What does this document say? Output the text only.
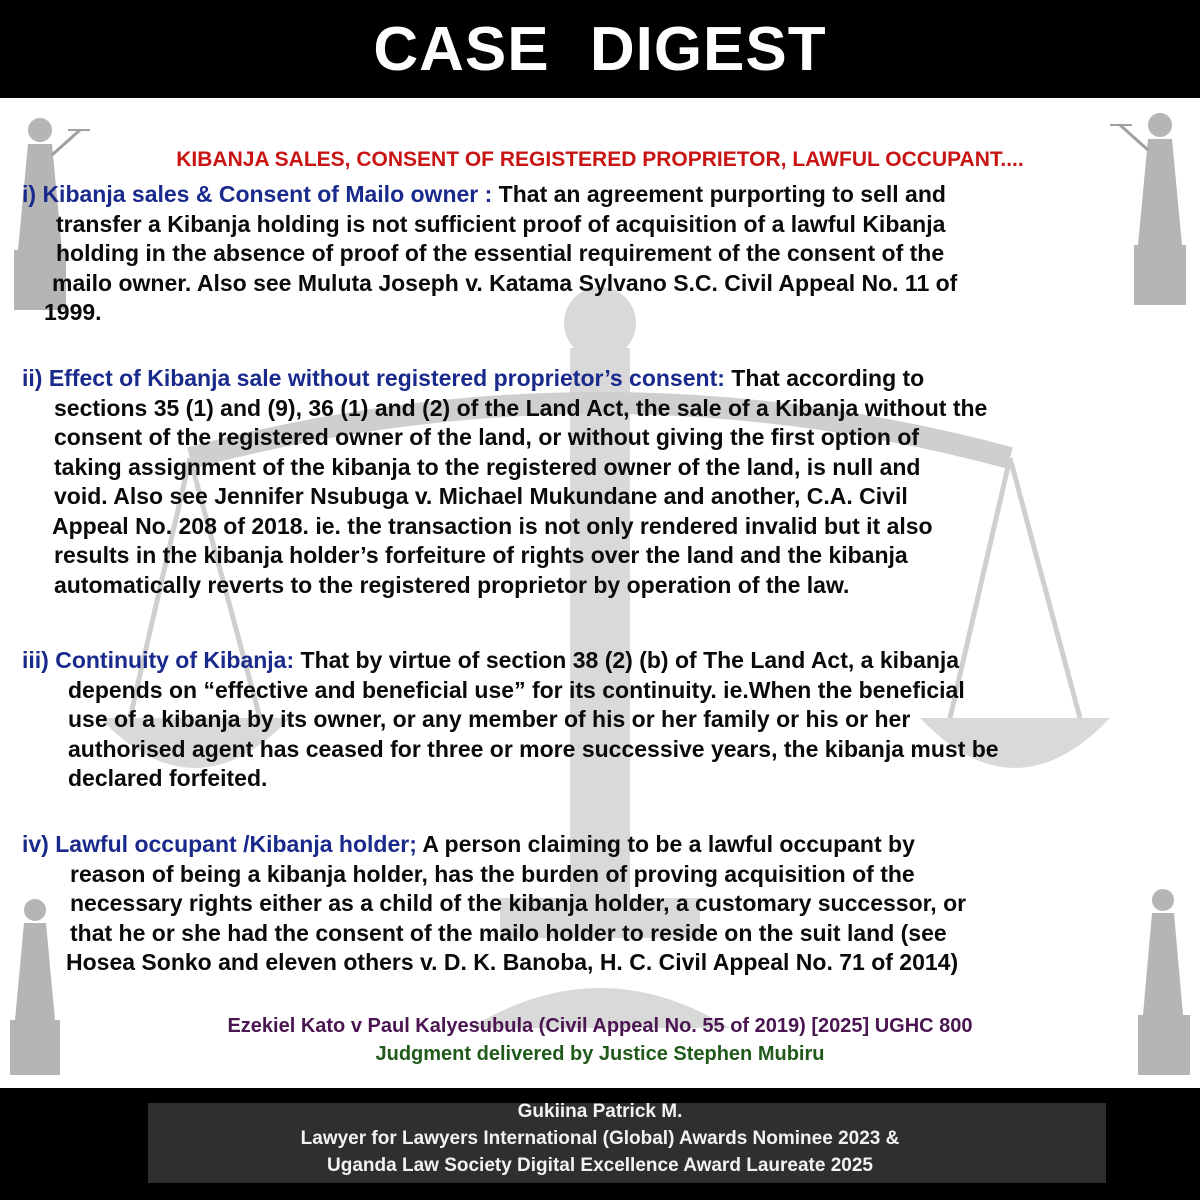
CASE DIGEST
KIBANJA SALES, CONSENT OF REGISTERED PROPRIETOR, LAWFUL OCCUPANT....
i) Kibanja sales & Consent of Mailo owner : That an agreement purporting to sell and
transfer a Kibanja holding is not sufficient proof of acquisition of a lawful Kibanja
holding in the absence of proof of the essential requirement of the consent of the
mailo owner. Also see Muluta Joseph v. Katama Sylvano S.C. Civil Appeal No. 11 of
1999.
ii) Effect of Kibanja sale without registered proprietor’s consent: That according to
sections 35 (1) and (9), 36 (1) and (2) of the Land Act, the sale of a Kibanja without the
consent of the registered owner of the land, or without giving the first option of
taking assignment of the kibanja to the registered owner of the land, is null and
void. Also see Jennifer Nsubuga v. Michael Mukundane and another, C.A. Civil
Appeal No. 208 of 2018. ie. the transaction is not only rendered invalid but it also
results in the kibanja holder’s forfeiture of rights over the land and the kibanja
automatically reverts to the registered proprietor by operation of the law.
iii) Continuity of Kibanja: That by virtue of section 38 (2) (b) of The Land Act, a kibanja
depends on “effective and beneficial use” for its continuity. ie.When the beneficial
use of a kibanja by its owner, or any member of his or her family or his or her
authorised agent has ceased for three or more successive years, the kibanja must be
declared forfeited.
iv) Lawful occupant /Kibanja holder; A person claiming to be a lawful occupant by
reason of being a kibanja holder, has the burden of proving acquisition of the
necessary rights either as a child of the kibanja holder, a customary successor, or
that he or she had the consent of the mailo holder to reside on the suit land (see
Hosea Sonko and eleven others v. D. K. Banoba, H. C. Civil Appeal No. 71 of 2014)
Ezekiel Kato v Paul Kalyesubula (Civil Appeal No. 55 of 2019) [2025] UGHC 800
Judgment delivered by Justice Stephen Mubiru
Gukiina Patrick M.
Lawyer for Lawyers International (Global) Awards Nominee 2023 &
Uganda Law Society Digital Excellence Award Laureate 2025
